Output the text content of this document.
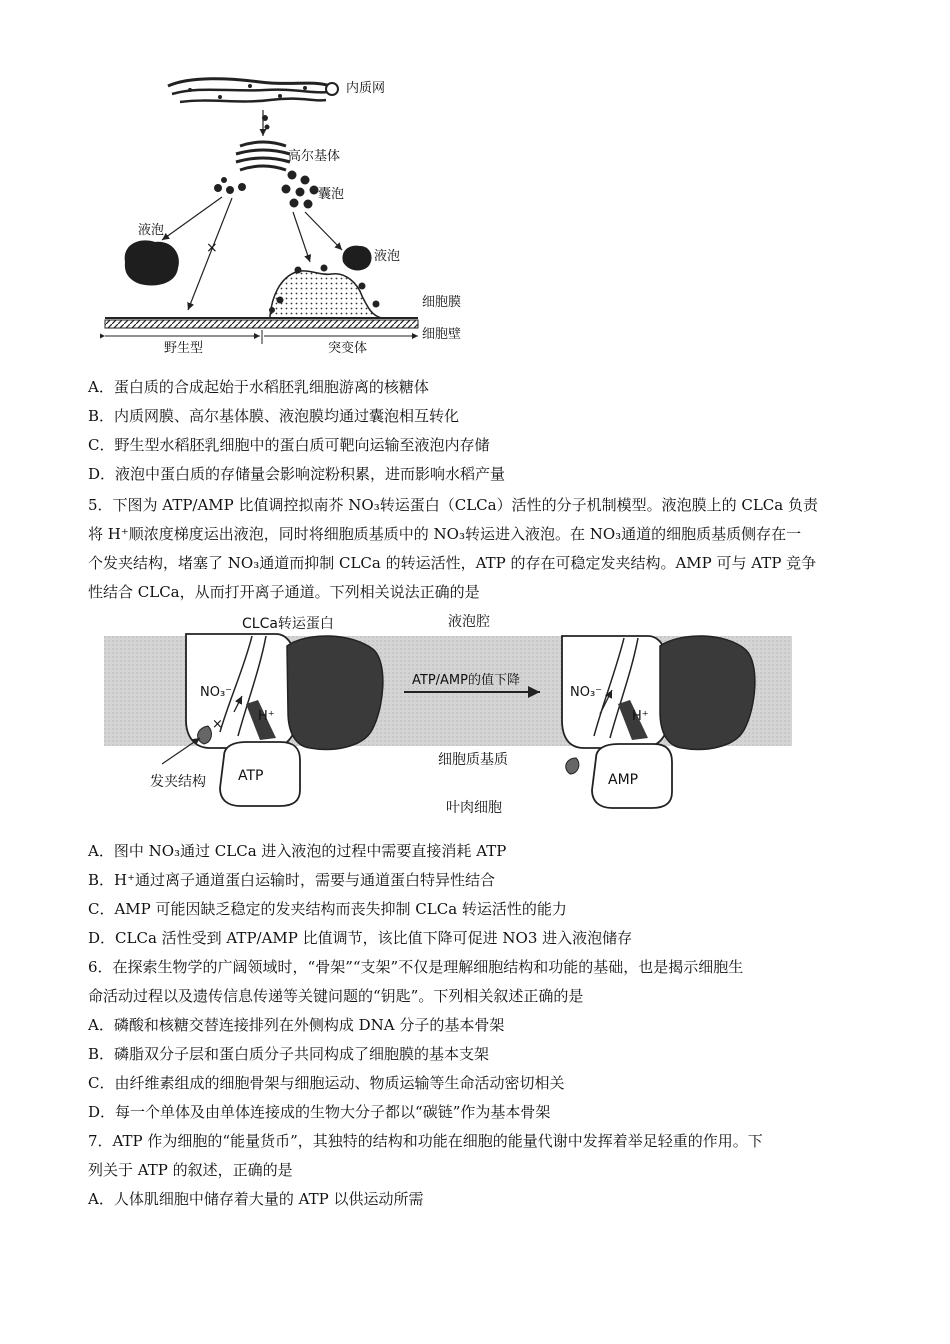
内质网
高尔基体
囊泡
液泡
×
液泡
细胞膜
细胞壁
野生型	突变体
A．蛋白质的合成起始于水稻胚乳细胞游离的核糖体
B．内质网膜、高尔基体膜、液泡膜均通过囊泡相互转化
C．野生型水稻胚乳细胞中的蛋白质可靶向运输至液泡内存储
D．液泡中蛋白质的存储量会影响淀粉积累，进而影响水稻产量
5．下图为 ATP/AMP 比值调控拟南芥 NO₃转运蛋白（CLCa）活性的分子机制模型。液泡膜上的 CLCa 负责
将 H⁺顺浓度梯度运出液泡，同时将细胞质基质中的 NO₃转运进入液泡。在 NO₃通道的细胞质基质侧存在一
个发夹结构，堵塞了 NO₃通道而抑制 CLCa 的转运活性，ATP 的存在可稳定发夹结构。AMP 可与 ATP 竞争
性结合 CLCa，从而打开离子通道。下列相关说法正确的是
CLCa转运蛋白	液泡腔
NO₃⁻
H⁺
×
ATP
发夹结构
ATP/AMP的值下降
细胞质基质
叶肉细胞
NO₃⁻
H⁺
AMP
A．图中 NO₃通过 CLCa 进入液泡的过程中需要直接消耗 ATP
B．H⁺通过离子通道蛋白运输时，需要与通道蛋白特异性结合
C．AMP 可能因缺乏稳定的发夹结构而丧失抑制 CLCa 转运活性的能力
D．CLCa 活性受到 ATP/AMP 比值调节，该比值下降可促进 NO3 进入液泡储存
6．在探索生物学的广阔领域时，“骨架”“支架”不仅是理解细胞结构和功能的基础，也是揭示细胞生
命活动过程以及遗传信息传递等关键问题的“钥匙”。下列相关叙述正确的是
A．磷酸和核糖交替连接排列在外侧构成 DNA 分子的基本骨架
B．磷脂双分子层和蛋白质分子共同构成了细胞膜的基本支架
C．由纤维素组成的细胞骨架与细胞运动、物质运输等生命活动密切相关
D．每一个单体及由单体连接成的生物大分子都以“碳链”作为基本骨架
7．ATP 作为细胞的“能量货币”，其独特的结构和功能在细胞的能量代谢中发挥着举足轻重的作用。下
列关于 ATP 的叙述，正确的是
A．人体肌细胞中储存着大量的 ATP 以供运动所需
